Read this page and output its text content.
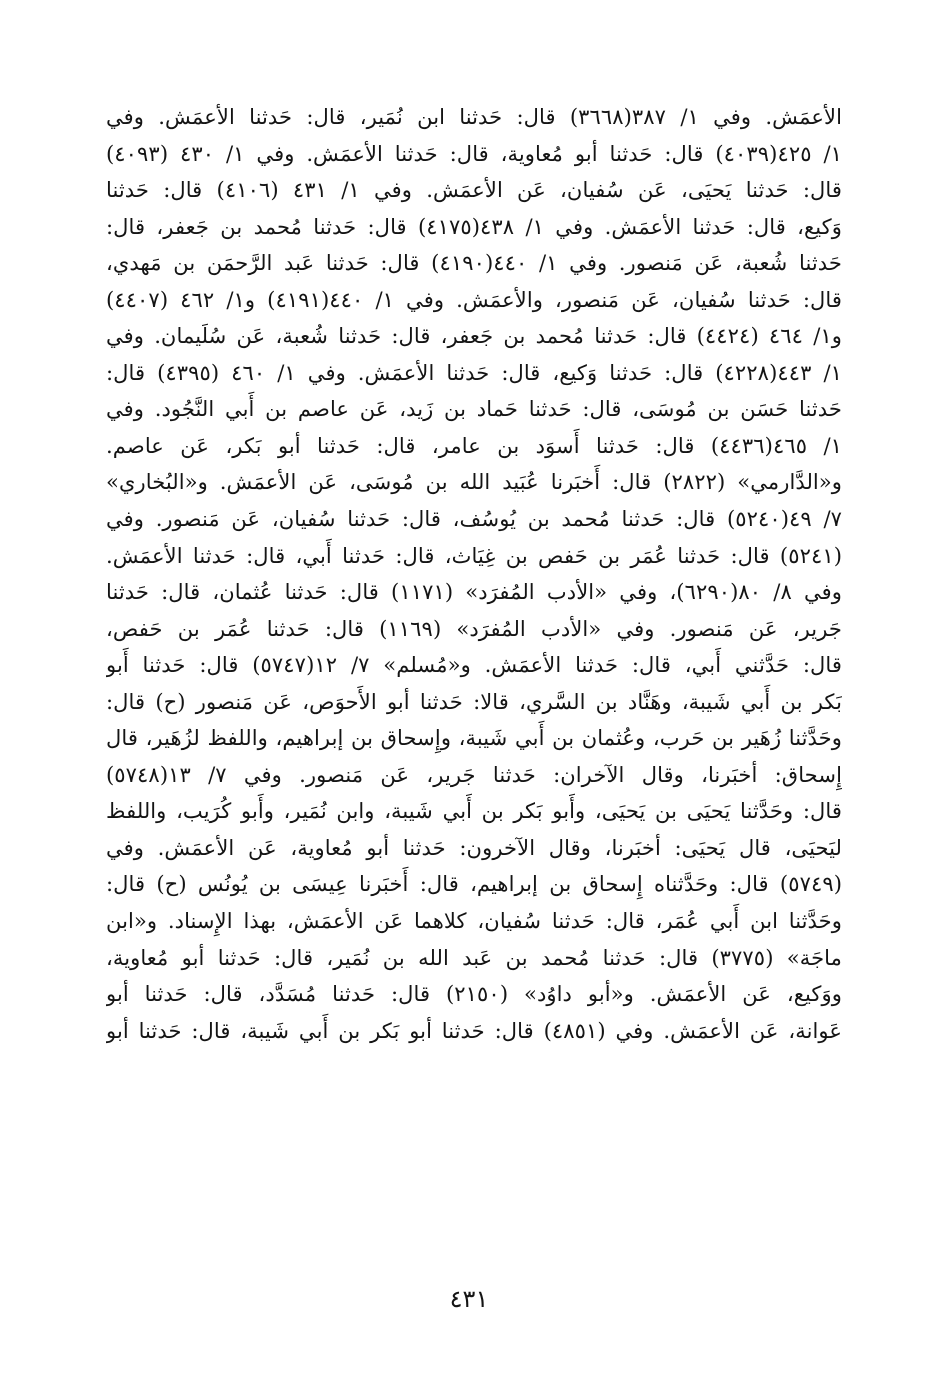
الأعمَش. وفي ١/ ٣٨٧(٣٦٦٨) قال: حَدثنا ابن نُمَير، قال: حَدثنا الأعمَش. وفي
١/ ٤٢٥(٤٠٣٩) قال: حَدثنا أبو مُعاوية، قال: حَدثنا الأعمَش. وفي ١/ ٤٣٠ (٤٠٩٣)
قال: حَدثنا يَحيَى، عَن سُفيان، عَن الأعمَش. وفي ١/ ٤٣١ (٤١٠٦) قال: حَدثنا
وَكيع، قال: حَدثنا الأعمَش. وفي ١/ ٤٣٨(٤١٧٥) قال: حَدثنا مُحمد بن جَعفر، قال:
حَدثنا شُعبة، عَن مَنصور. وفي ١/ ٤٤٠(٤١٩٠) قال: حَدثنا عَبد الرَّحمَن بن مَهدي،
قال: حَدثنا سُفيان، عَن مَنصور، والأعمَش. وفي ١/ ٤٤٠(٤١٩١) و١/ ٤٦٢ (٤٤٠٧)
و١/ ٤٦٤ (٤٤٢٤) قال: حَدثنا مُحمد بن جَعفر، قال: حَدثنا شُعبة، عَن سُلَيمان. وفي
١/ ٤٤٣(٤٢٢٨) قال: حَدثنا وَكيع، قال: حَدثنا الأعمَش. وفي ١/ ٤٦٠ (٤٣٩٥) قال:
حَدثنا حَسَن بن مُوسَى، قال: حَدثنا حَماد بن زَيد، عَن عاصم بن أَبي النَّجُود. وفي
١/ ٤٦٥(٤٤٣٦) قال: حَدثنا أَسوَد بن عامر، قال: حَدثنا أبو بَكر، عَن عاصم.
و«الدَّارمي» (٢٨٢٢) قال: أَخبَرنا عُبَيد الله بن مُوسَى، عَن الأعمَش. و«البُخاري»
٧/ ٤٩(٥٢٤٠) قال: حَدثنا مُحمد بن يُوسُف، قال: حَدثنا سُفيان، عَن مَنصور. وفي
(٥٢٤١) قال: حَدثنا عُمَر بن حَفص بن غِيَاث، قال: حَدثنا أَبي، قال: حَدثنا الأعمَش.
وفي ٨/ ٨٠(٦٢٩٠)، وفي «الأدب المُفرَد» (١١٧١) قال: حَدثنا عُثمان، قال: حَدثنا
جَرير، عَن مَنصور. وفي «الأدب المُفرَد» (١١٦٩) قال: حَدثنا عُمَر بن حَفص،
قال: حَدَّثني أَبي، قال: حَدثنا الأعمَش. و«مُسلم» ٧/ ١٢(٥٧٤٧) قال: حَدثنا أَبو
بَكر بن أَبي شَيبة، وهَنَّاد بن السَّري، قالا: حَدثنا أبو الأَحوَص، عَن مَنصور (ح) قال:
وحَدَّثنا زُهَير بن حَرب، وعُثمان بن أَبي شَيبة، وإِسحاق بن إبراهيم، واللفظ لزُهَير، قال
إِسحاق: أخبَرنا، وقال الآخران: حَدثنا جَرير، عَن مَنصور. وفي ٧/ ١٣(٥٧٤٨)
قال: وحَدَّثنا يَحيَى بن يَحيَى، وأَبو بَكر بن أَبي شَيبة، وابن نُمَير، وأَبو كُرَيب، واللفظ
ليَحيَى، قال يَحيَى: أخبَرنا، وقال الآخرون: حَدثنا أبو مُعاوية، عَن الأعمَش. وفي
(٥٧٤٩) قال: وحَدَّثناه إِسحاق بن إبراهيم، قال: أَخبَرنا عِيسَى بن يُونُس (ح) قال:
وحَدَّثنا ابن أَبي عُمَر، قال: حَدثنا سُفيان، كلاهما عَن الأعمَش، بهذا الإِسناد. و«ابن
ماجَة» (٣٧٧٥) قال: حَدثنا مُحمد بن عَبد الله بن نُمَير، قال: حَدثنا أبو مُعاوية،
ووَكيع، عَن الأعمَش. و«أبو داوُد» (٢١٥٠) قال: حَدثنا مُسَدَّد، قال: حَدثنا أبو
عَوانة، عَن الأعمَش. وفي (٤٨٥١) قال: حَدثنا أبو بَكر بن أَبي شَيبة، قال: حَدثنا أبو
٤٣١
